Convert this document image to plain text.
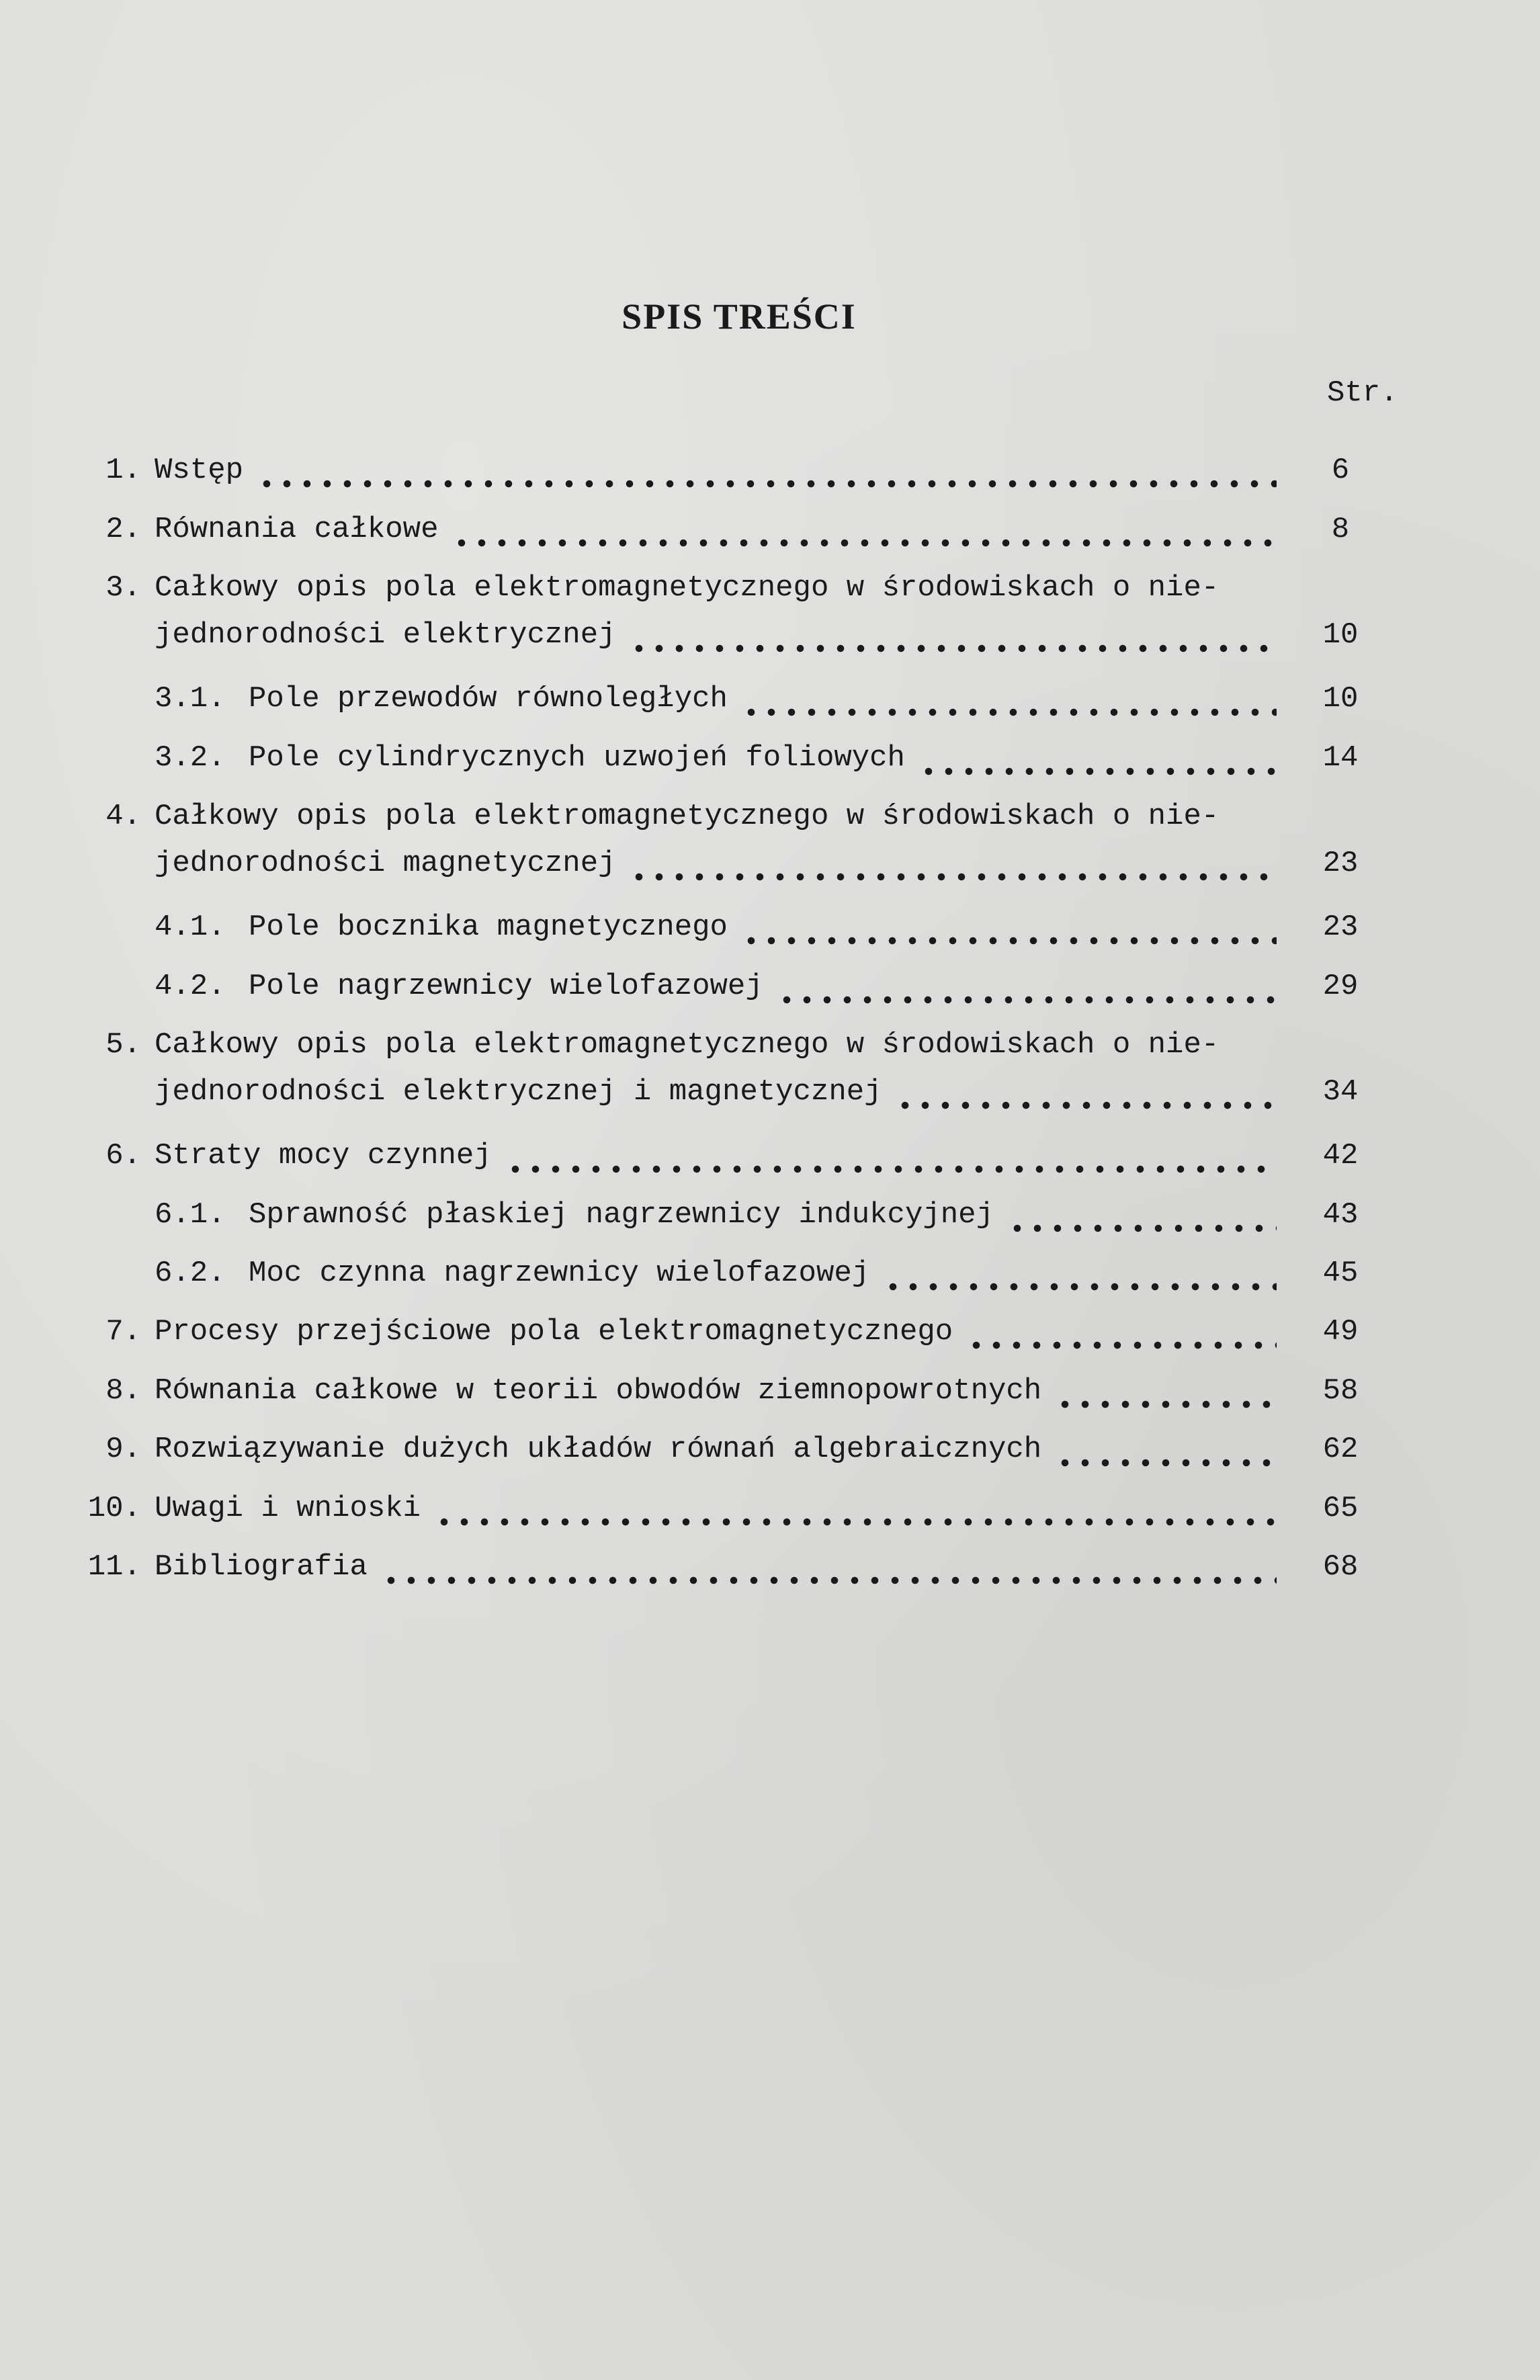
SPIS TREŚCI
Str.
1. Wstęp	6
2. Równania całkowe	8
3. Całkowy opis pola elektromagnetycznego w środowiskach o nie-
jednorodności elektrycznej	10
3.1. Pole przewodów równoległych	10
3.2. Pole cylindrycznych uzwojeń foliowych	14
4. Całkowy opis pola elektromagnetycznego w środowiskach o nie-
jednorodności magnetycznej	23
4.1. Pole bocznika magnetycznego	23
4.2. Pole nagrzewnicy wielofazowej	29
5. Całkowy opis pola elektromagnetycznego w środowiskach o nie-
jednorodności elektrycznej i magnetycznej	34
6. Straty mocy czynnej	42
6.1. Sprawność płaskiej nagrzewnicy indukcyjnej	43
6.2. Moc czynna nagrzewnicy wielofazowej	45
7. Procesy przejściowe pola elektromagnetycznego	49
8. Równania całkowe w teorii obwodów ziemnopowrotnych	58
9. Rozwiązywanie dużych układów równań algebraicznych	62
10. Uwagi i wnioski	65
11. Bibliografia	68
